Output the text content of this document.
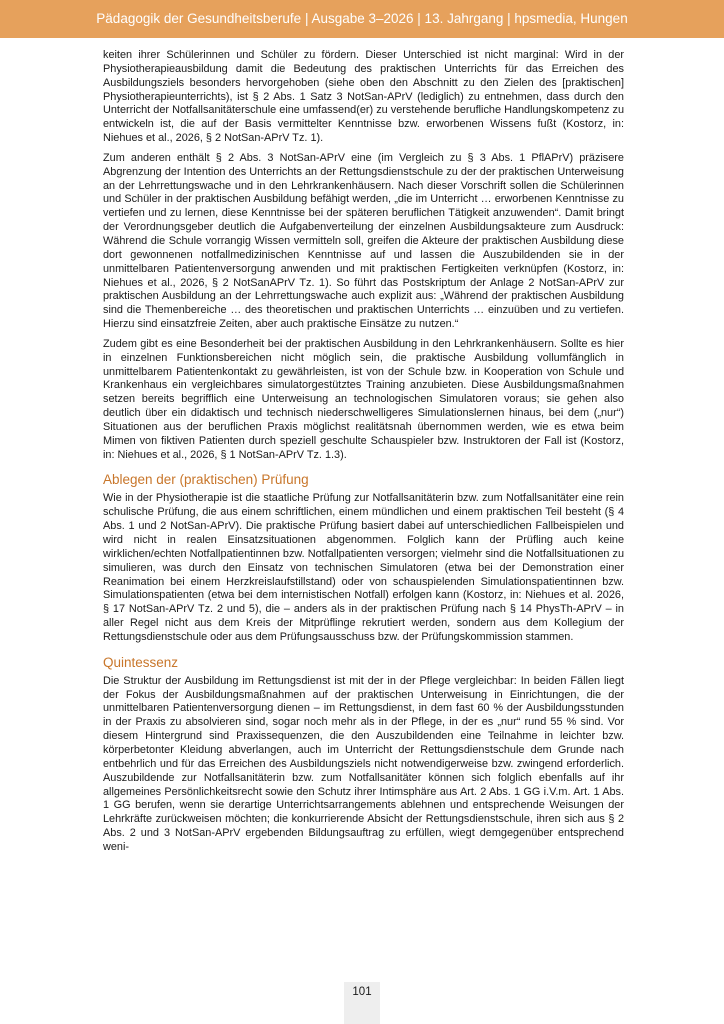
Pädagogik der Gesundheitsberufe | Ausgabe 3–2026 | 13. Jahrgang | hpsmedia, Hungen

keiten ihrer Schülerinnen und Schüler zu fördern. Dieser Unterschied ist nicht marginal: Wird in der Physiotherapieausbildung damit die Bedeutung des praktischen Unterrichts für das Erreichen des Ausbildungsziels besonders hervorgehoben (siehe oben den Abschnitt zu den Zielen des [praktischen] Physiotherapieunterrichts), ist § 2 Abs. 1 Satz 3 NotSan-APrV (lediglich) zu entnehmen, dass durch den Unterricht der Notfallsanitäterschule eine umfassend(er) zu verstehende berufliche Handlungskompetenz zu entwickeln ist, die auf der Basis vermittelter Kenntnisse bzw. erworbenen Wissens fußt (Kostorz, in: Niehues et al., 2026, § 2 NotSan-APrV Tz. 1).

Zum anderen enthält § 2 Abs. 3 NotSan-APrV eine (im Vergleich zu § 3 Abs. 1 PflAPrV) präzisere Abgrenzung der Intention des Unterrichts an der Rettungsdienstschule zu der der praktischen Unterweisung an der Lehrrettungswache und in den Lehrkrankenhäusern. Nach dieser Vorschrift sollen die Schülerinnen und Schüler in der praktischen Ausbildung befähigt werden, „die im Unterricht … erworbenen Kenntnisse zu vertiefen und zu lernen, diese Kenntnisse bei der späteren beruflichen Tätigkeit anzuwenden“. Damit bringt der Verordnungsgeber deutlich die Aufgabenverteilung der einzelnen Ausbildungsakteure zum Ausdruck: Während die Schule vorrangig Wissen vermitteln soll, greifen die Akteure der praktischen Ausbildung diese dort gewonnenen notfallmedizinischen Kenntnisse auf und lassen die Auszubildenden sie in der unmittelbaren Patientenversorgung anwenden und mit praktischen Fertigkeiten verknüpfen (Kostorz, in: Niehues et al., 2026, § 2 NotSanAPrV Tz. 1). So führt das Postskriptum der Anlage 2 NotSan-APrV zur praktischen Ausbildung an der Lehrrettungswache auch explizit aus: „Während der praktischen Ausbildung sind die Themenbereiche … des theoretischen und praktischen Unterrichts … einzuüben und zu vertiefen. Hierzu sind einsatzfreie Zeiten, aber auch praktische Einsätze zu nutzen.“

Zudem gibt es eine Besonderheit bei der praktischen Ausbildung in den Lehrkrankenhäusern. Sollte es hier in einzelnen Funktionsbereichen nicht möglich sein, die praktische Ausbildung vollumfänglich in unmittelbarem Patientenkontakt zu gewährleisten, ist von der Schule bzw. in Kooperation von Schule und Krankenhaus ein vergleichbares simulatorgestütztes Training anzubieten. Diese Ausbildungsmaßnahmen setzen bereits begrifflich eine Unterweisung an technologischen Simulatoren voraus; sie gehen also deutlich über ein didaktisch und technisch niederschwelligeres Simulationslernen hinaus, bei dem („nur“) Situationen aus der beruflichen Praxis möglichst realitätsnah übernommen werden, wie es etwa beim Mimen von fiktiven Patienten durch speziell geschulte Schauspieler bzw. Instruktoren der Fall ist (Kostorz, in: Niehues et al., 2026, § 1 NotSan-APrV Tz. 1.3).

Ablegen der (praktischen) Prüfung

Wie in der Physiotherapie ist die staatliche Prüfung zur Notfallsanitäterin bzw. zum Notfallsanitäter eine rein schulische Prüfung, die aus einem schriftlichen, einem mündlichen und einem praktischen Teil besteht (§ 4 Abs. 1 und 2 NotSan-APrV). Die praktische Prüfung basiert dabei auf unterschiedlichen Fallbeispielen und wird nicht in realen Einsatzsituationen abgenommen. Folglich kann der Prüfling auch keine wirklichen/echten Notfallpatientinnen bzw. Notfallpatienten versorgen; vielmehr sind die Notfallsituationen zu simulieren, was durch den Einsatz von technischen Simulatoren (etwa bei der Demonstration einer Reanimation bei einem Herzkreislaufstillstand) oder von schauspielenden Simulationspatientinnen bzw. Simulationspatienten (etwa bei dem internistischen Notfall) erfolgen kann (Kostorz, in: Niehues et al. 2026, § 17 NotSan-APrV Tz. 2 und 5), die – anders als in der praktischen Prüfung nach § 14 PhysTh-APrV – in aller Regel nicht aus dem Kreis der Mitprüflinge rekrutiert werden, sondern aus dem Kollegium der Rettungsdienstschule oder aus dem Prüfungsausschuss bzw. der Prüfungskommission stammen.

Quintessenz

Die Struktur der Ausbildung im Rettungsdienst ist mit der in der Pflege vergleichbar: In beiden Fällen liegt der Fokus der Ausbildungsmaßnahmen auf der praktischen Unterweisung in Einrichtungen, die der unmittelbaren Patientenversorgung dienen – im Rettungsdienst, in dem fast 60 % der Ausbildungsstunden in der Praxis zu absolvieren sind, sogar noch mehr als in der Pflege, in der es „nur“ rund 55 % sind. Vor diesem Hintergrund sind Praxissequenzen, die den Auszubildenden eine Teilnahme in leichter bzw. körperbetonter Kleidung abverlangen, auch im Unterricht der Rettungsdienstschule dem Grunde nach entbehrlich und für das Erreichen des Ausbildungsziels nicht notwendigerweise bzw. zwingend erforderlich. Auszubildende zur Notfallsanitäterin bzw. zum Notfallsanitäter können sich folglich ebenfalls auf ihr allgemeines Persönlichkeitsrecht sowie den Schutz ihrer Intimsphäre aus Art. 2 Abs. 1 GG i.V.m. Art. 1 Abs. 1 GG berufen, wenn sie derartige Unterrichtsarrangements ablehnen und entsprechende Weisungen der Lehrkräfte zurückweisen möchten; die konkurrierende Absicht der Rettungsdienstschule, ihren sich aus § 2 Abs. 2 und 3 NotSan-APrV ergebenden Bildungsauftrag zu erfüllen, wiegt demgegenüber entsprechend weni-

101
